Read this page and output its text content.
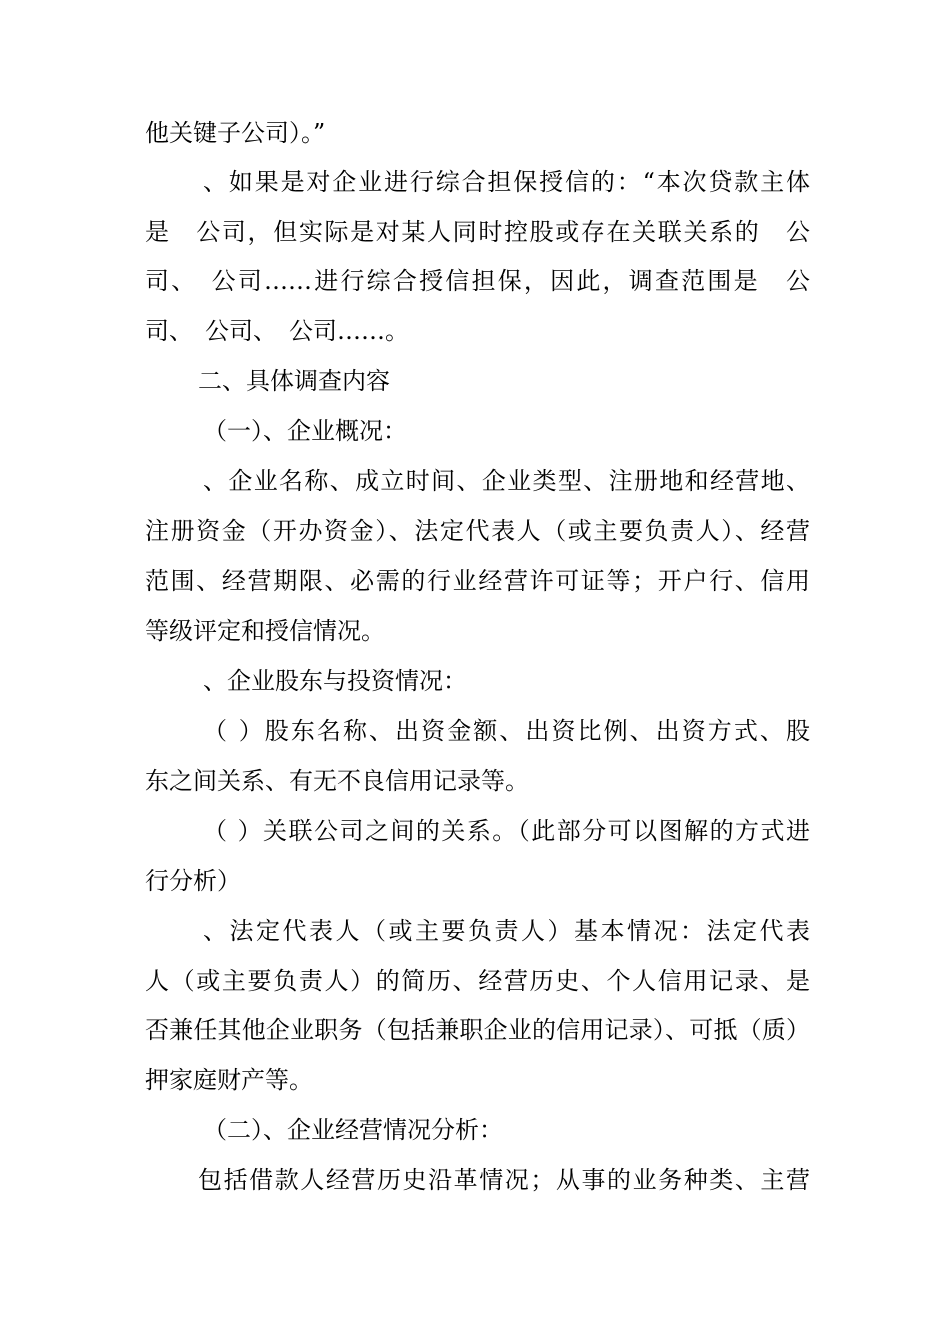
他关键子公司）。”
、如果是对企业进行综合担保授信的：“本次贷款主体
是　公司，但实际是对某人同时控股或存在关联关系的　公
司、　公司……进行综合授信担保，因此，调查范围是　公
司、　公司、　公司……。
二、具体调查内容
（一）、企业概况：
、企业名称、成立时间、企业类型、注册地和经营地、
注册资金（开办资金）、法定代表人（或主要负责人）、经营
范围、经营期限、必需的行业经营许可证等；开户行、信用
等级评定和授信情况。
、企业股东与投资情况：
（ ）股东名称、出资金额、出资比例、出资方式、股
东之间关系、有无不良信用记录等。
（ ）关联公司之间的关系。（此部分可以图解的方式进
行分析）
、法定代表人（或主要负责人）基本情况：法定代表
人（或主要负责人）的简历、经营历史、个人信用记录、是
否兼任其他企业职务（包括兼职企业的信用记录）、可抵（质）
押家庭财产等。
（二）、企业经营情况分析：
包括借款人经营历史沿革情况；从事的业务种类、主营
